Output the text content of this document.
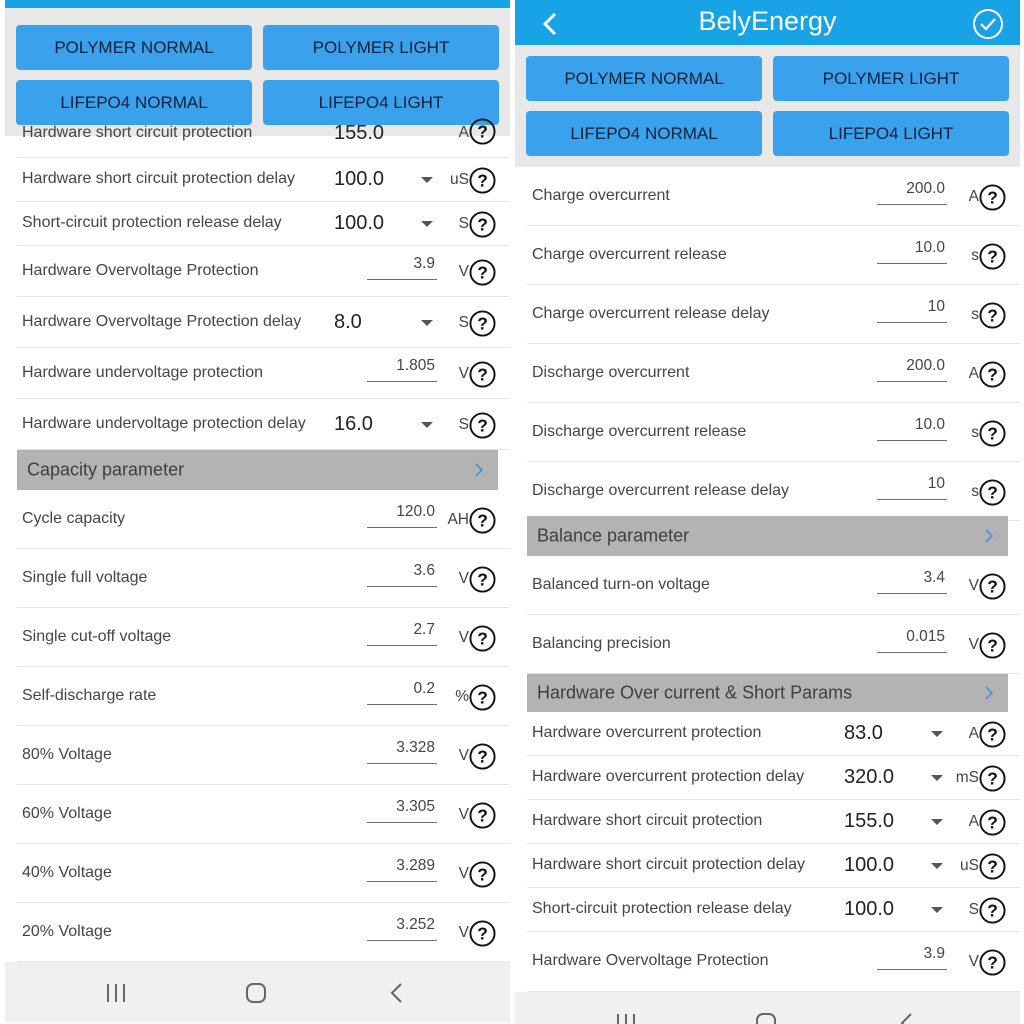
POLYMER NORMAL	POLYMER LIGHT
LIFEPO4 NORMAL	LIFEPO4 LIGHT
Hardware short circuit protection	155.0	A ?
Hardware short circuit protection delay 100.0	uS ?
Short-circuit protection release delay	100.0	S ?
Hardware Overvoltage Protection	3.9	V ?
Hardware Overvoltage Protection delay 8.0	S ?
Hardware undervoltage protection	1.805	V ?
Hardware undervoltage protection delay 16.0	S ?
Capacity parameter
Cycle capacity	120.0 AH ?
Single full voltage	3.6	V ?
Single cut-off voltage	2.7	V ?
Self-discharge rate	0.2	% ?
80% Voltage	3.328	V ?
60% Voltage	3.305	V ?
40% Voltage	3.289	V ?
20% Voltage	3.252	V ?
BelyEnergy
POLYMER NORMAL	POLYMER LIGHT
LIFEPO4 NORMAL	LIFEPO4 LIGHT
Charge overcurrent	200.0	A ?
Charge overcurrent release	10.0	s ?
Charge overcurrent release delay	10	s ?
Discharge overcurrent	200.0	A ?
Discharge overcurrent release	10.0	s ?
Discharge overcurrent release delay	10	s ?
Balance parameter
Balanced turn-on voltage	3.4	V ?
Balancing precision	0.015	V ?
Hardware Over current & Short Params
Hardware overcurrent protection	83.0	A ?
Hardware overcurrent protection delay 320.0	mS ?
Hardware short circuit protection	155.0	A ?
Hardware short circuit protection delay 100.0	uS ?
Short-circuit protection release delay	100.0	S ?
Hardware Overvoltage Protection	3.9	V ?
